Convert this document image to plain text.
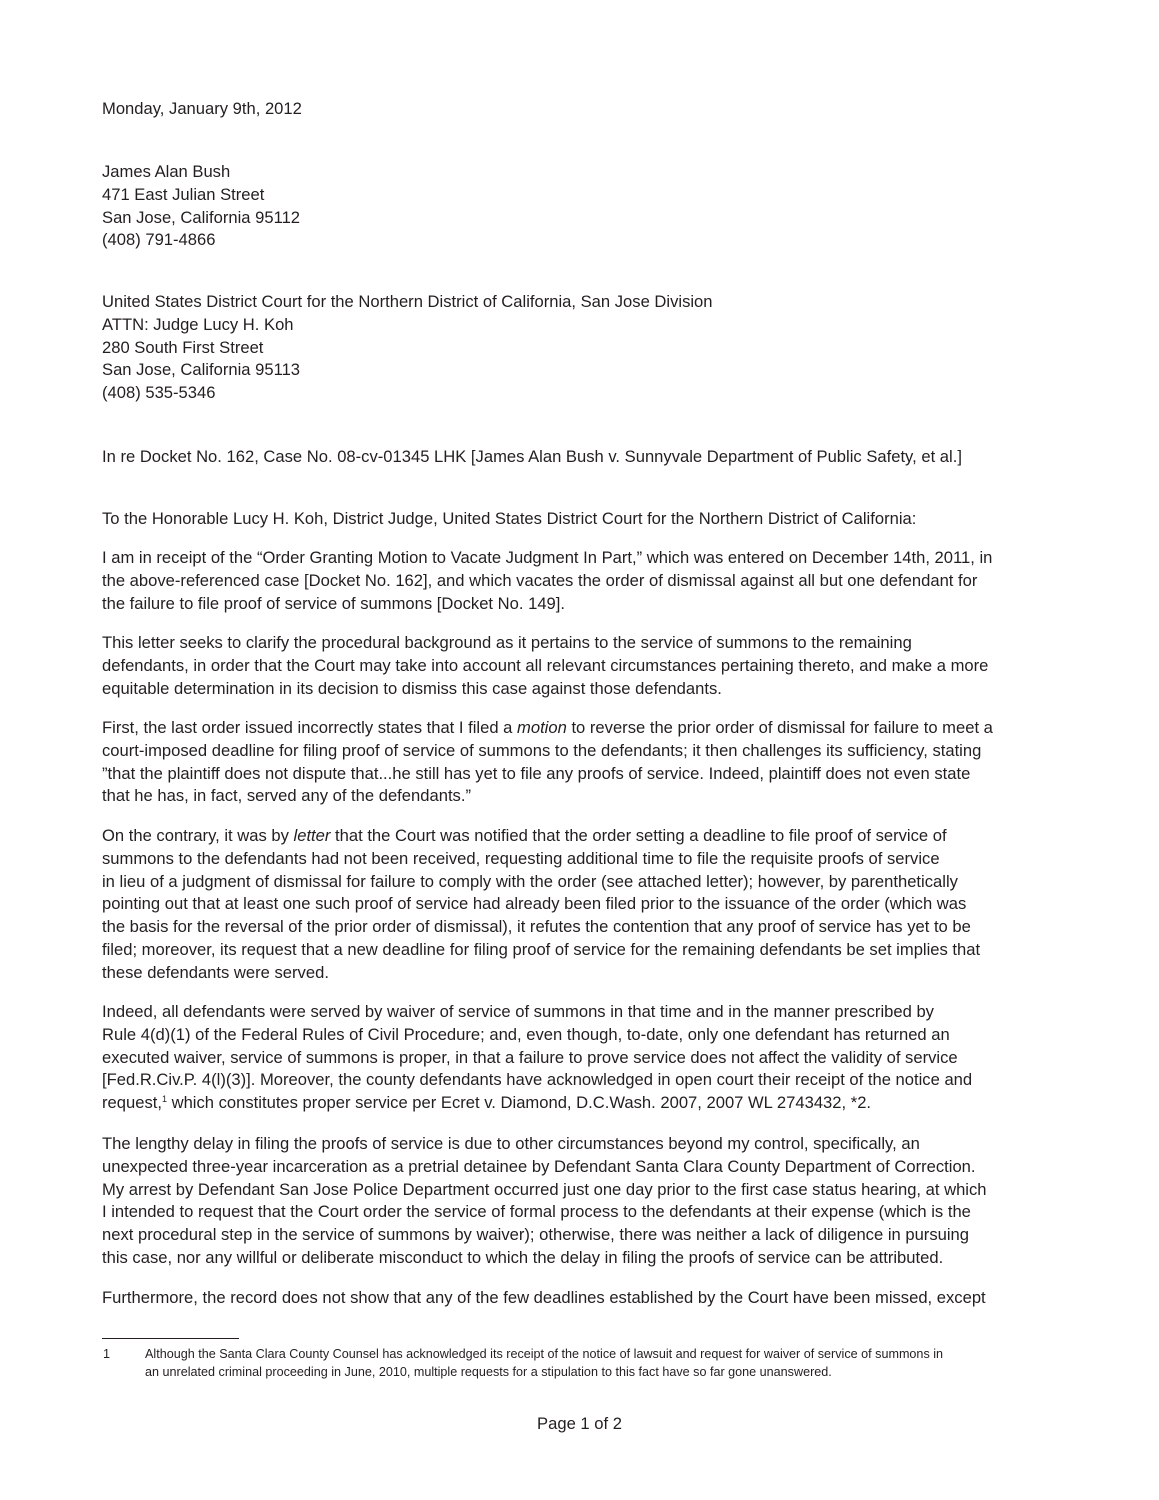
Monday, January 9th, 2012
James Alan Bush
471 East Julian Street
San Jose, California 95112
(408) 791-4866
United States District Court for the Northern District of California, San Jose Division
ATTN: Judge Lucy H. Koh
280 South First Street
San Jose, California 95113
(408) 535-5346
In re Docket No. 162, Case No. 08-cv-01345 LHK [James Alan Bush v. Sunnyvale Department of Public Safety, et al.]
To the Honorable Lucy H. Koh, District Judge, United States District Court for the Northern District of California:
I am in receipt of the “Order Granting Motion to Vacate Judgment In Part,” which was entered on December 14th, 2011, in
the above-referenced case [Docket No. 162], and which vacates the order of dismissal against all but one defendant for
the failure to file proof of service of summons [Docket No. 149].
This letter seeks to clarify the procedural background as it pertains to the service of summons to the remaining
defendants, in order that the Court may take into account all relevant circumstances pertaining thereto, and make a more
equitable determination in its decision to dismiss this case against those defendants.
First, the last order issued incorrectly states that I filed a motion to reverse the prior order of dismissal for failure to meet a
court-imposed deadline for filing proof of service of summons to the defendants; it then challenges its sufficiency, stating
”that the plaintiff does not dispute that...he still has yet to file any proofs of service. Indeed, plaintiff does not even state
that he has, in fact, served any of the defendants.”
On the contrary, it was by letter that the Court was notified that the order setting a deadline to file proof of service of
summons to the defendants had not been received, requesting additional time to file the requisite proofs of service
in lieu of a judgment of dismissal for failure to comply with the order (see attached letter); however, by parenthetically
pointing out that at least one such proof of service had already been filed prior to the issuance of the order (which was
the basis for the reversal of the prior order of dismissal), it refutes the contention that any proof of service has yet to be
filed; moreover, its request that a new deadline for filing proof of service for the remaining defendants be set implies that
these defendants were served.
Indeed, all defendants were served by waiver of service of summons in that time and in the manner prescribed by
Rule 4(d)(1) of the Federal Rules of Civil Procedure; and, even though, to-date, only one defendant has returned an
executed waiver, service of summons is proper, in that a failure to prove service does not affect the validity of service
[Fed.R.Civ.P. 4(l)(3)]. Moreover, the county defendants have acknowledged in open court their receipt of the notice and
request,$^1$ which constitutes proper service per Ecret v. Diamond, D.C.Wash. 2007, 2007 WL 2743432, *2.
The lengthy delay in filing the proofs of service is due to other circumstances beyond my control, specifically, an
unexpected three-year incarceration as a pretrial detainee by Defendant Santa Clara County Department of Correction.
My arrest by Defendant San Jose Police Department occurred just one day prior to the first case status hearing, at which
I intended to request that the Court order the service of formal process to the defendants at their expense (which is the
next procedural step in the service of summons by waiver); otherwise, there was neither a lack of diligence in pursuing
this case, nor any willful or deliberate misconduct to which the delay in filing the proofs of service can be attributed.
Furthermore, the record does not show that any of the few deadlines established by the Court have been missed, except
1	Although the Santa Clara County Counsel has acknowledged its receipt of the notice of lawsuit and request for waiver of service of summons in
an unrelated criminal proceeding in June, 2010, multiple requests for a stipulation to this fact have so far gone unanswered.
Page 1 of 2
